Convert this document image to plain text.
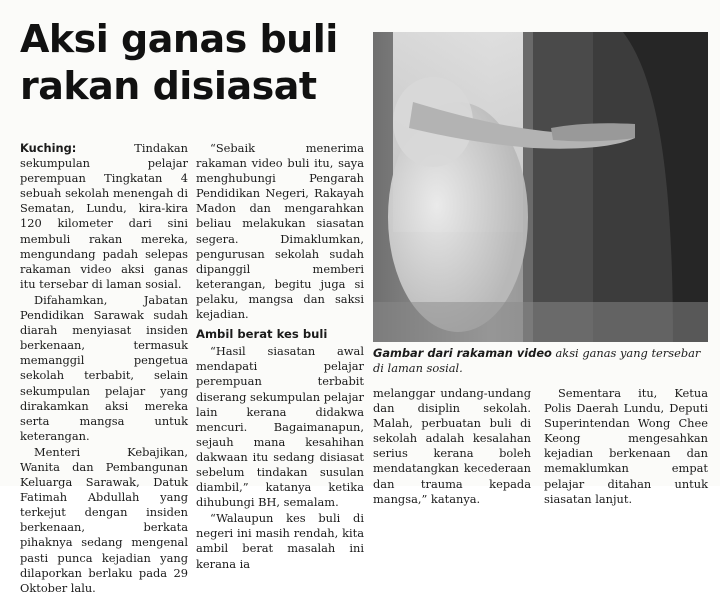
Aksi ganas buli
rakan disiasat

Kuching: Tindakan sekumpulan pelajar perempuan Tingkatan 4 sebuah sekolah menengah di Sematan, Lundu, kira-kira 120 kilometer dari sini membuli rakan mereka, mengundang padah selepas rakaman video aksi ganas itu tersebar di laman sosial.

Difahamkan, Jabatan Pendidikan Sarawak sudah diarah menyiasat insiden berkenaan, termasuk memanggil pengetua sekolah terbabit, selain sekumpulan pelajar yang dirakamkan aksi mereka serta mangsa untuk keterangan.

Menteri Kebajikan, Wanita dan Pembangunan Keluarga Sarawak, Datuk Fatimah Abdullah yang terkejut dengan insiden berkenaan, berkata pihaknya sedang mengenal pasti punca kejadian yang dilaporkan berlaku pada 29 Oktober lalu.

“Sebaik menerima rakaman video buli itu, saya menghubungi Pengarah Pendidikan Negeri, Rakayah Madon dan mengarahkan beliau melakukan siasatan segera. Dimaklumkan, pengurusan sekolah sudah dipanggil memberi keterangan, begitu juga si pelaku, mangsa dan saksi kejadian.

Ambil berat kes buli

“Hasil siasatan awal mendapati pelajar perempuan terbabit diserang sekumpulan pelajar lain kerana didakwa mencuri. Bagaimanapun, sejauh mana kesahihan dakwaan itu sedang disiasat sebelum tindakan susulan diambil,” katanya ketika dihubungi BH, semalam.

“Walaupun kes buli di negeri ini masih rendah, kita ambil berat masalah ini kerana ia

Gambar dari rakaman video aksi ganas yang tersebar di laman sosial.

melanggar undang-undang dan disiplin sekolah. Malah, perbuatan buli di sekolah adalah kesalahan serius kerana boleh mendatangkan kecederaan dan trauma kepada mangsa,” katanya.

Sementara itu, Ketua Polis Daerah Lundu, Deputi Superintendan Wong Chee Keong mengesahkan kejadian berkenaan dan memaklumkan empat pelajar ditahan untuk siasatan lanjut.
